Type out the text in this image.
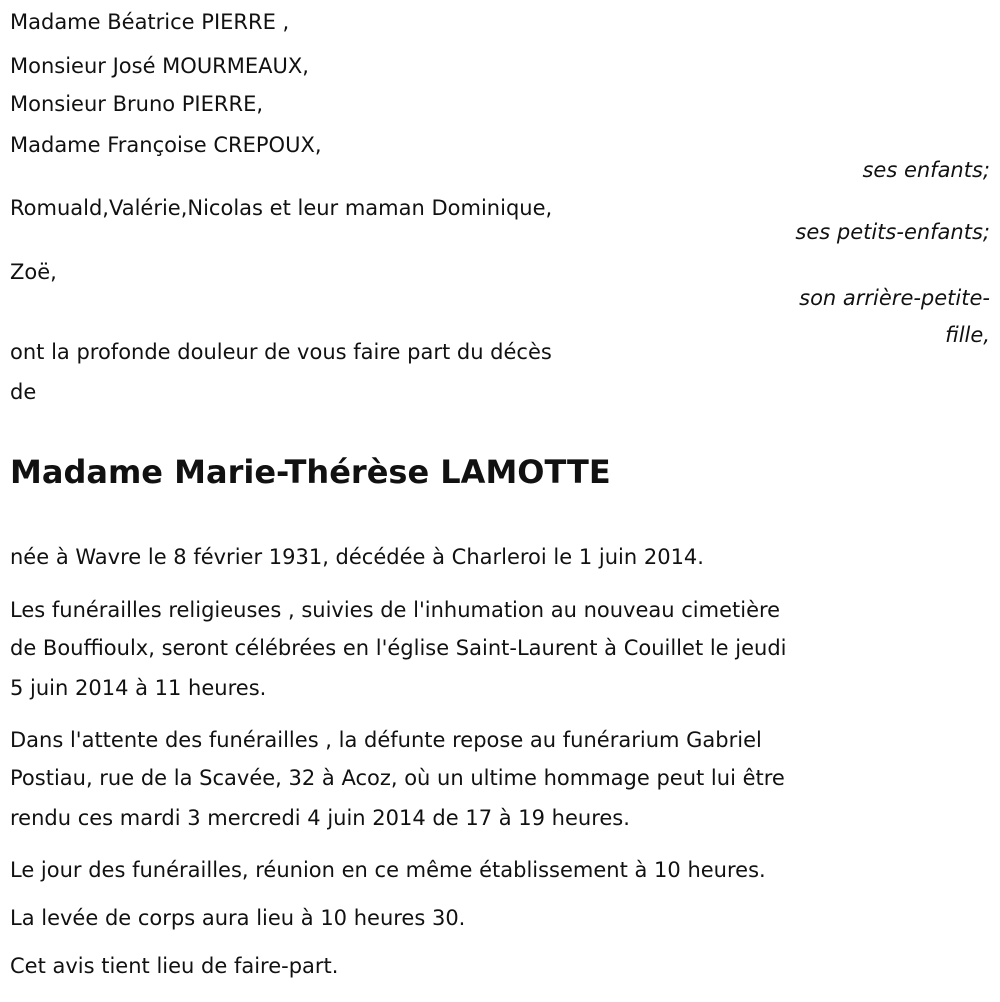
Madame Béatrice PIERRE ,
Monsieur José MOURMEAUX,
Monsieur Bruno PIERRE,
Madame Françoise CREPOUX,
ses enfants;
Romuald,Valérie,Nicolas et leur maman Dominique,
ses petits-enfants;
Zoë,
son arrière-petite-
fille,
ont la profonde douleur de vous faire part du décès
de
Madame Marie-Thérèse LAMOTTE
née à Wavre le 8 février 1931, décédée à Charleroi le 1 juin 2014.
Les funérailles religieuses , suivies de l'inhumation au nouveau cimetière
de Bouffioulx, seront célébrées en l'église Saint-Laurent à Couillet le jeudi
5 juin 2014 à 11 heures.
Dans l'attente des funérailles , la défunte repose au funérarium Gabriel
Postiau, rue de la Scavée, 32 à Acoz, où un ultime hommage peut lui être
rendu ces mardi 3 mercredi 4 juin 2014 de 17 à 19 heures.
Le jour des funérailles, réunion en ce même établissement à 10 heures.
La levée de corps aura lieu à 10 heures 30.
Cet avis tient lieu de faire-part.
